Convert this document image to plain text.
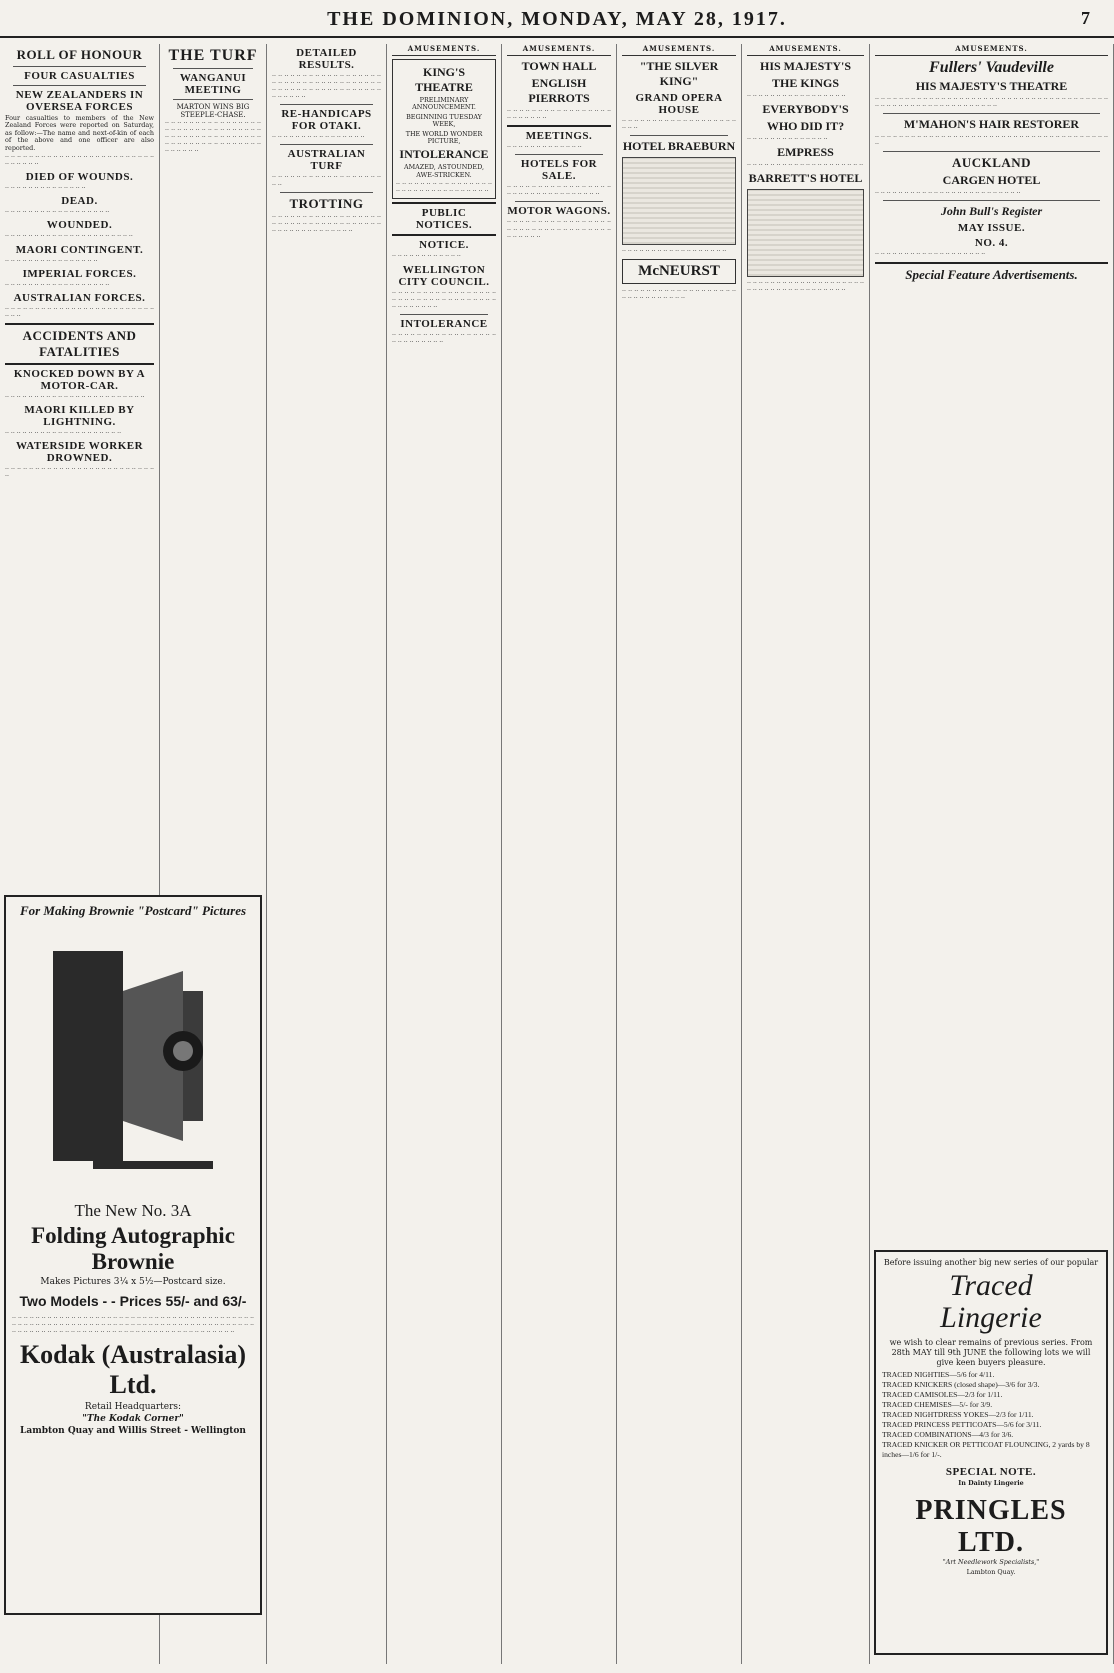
THE DOMINION, MONDAY, MAY 28, 1917.	7
ROLL OF HONOUR
FOUR CASUALTIES
NEW ZEALANDERS IN OVERSEA FORCES
Four casualties to members of the New Zealand Forces were reported on Saturday, as follow:—The name and next-of-kin of each of the above and one officer are also reported.
·· ·· ·· ·· ·· ·· ·· ·· ·· ·· ·· ·· ·· ·· ·· ·· ·· ·· ·· ·· ·· ·· ·· ·· ·· ·· ·· ·· ·· ·· ··
DIED OF WOUNDS.
·· ·· ·· ·· ·· ·· ·· ·· ·· ·· ·· ·· ·· ··
DEAD.
·· ·· ·· ·· ·· ·· ·· ·· ·· ·· ·· ·· ·· ·· ·· ·· ·· ··
WOUNDED.
·· ·· ·· ·· ·· ·· ·· ·· ·· ·· ·· ·· ·· ·· ·· ·· ·· ·· ·· ·· ·· ··
MAORI CONTINGENT.
·· ·· ·· ·· ·· ·· ·· ·· ·· ·· ·· ·· ·· ·· ·· ··
IMPERIAL FORCES.
·· ·· ·· ·· ·· ·· ·· ·· ·· ·· ·· ·· ·· ·· ·· ·· ·· ··
AUSTRALIAN FORCES.
·· ·· ·· ·· ·· ·· ·· ·· ·· ·· ·· ·· ·· ·· ·· ·· ·· ·· ·· ·· ·· ·· ·· ·· ·· ·· ·· ··
ACCIDENTS AND FATALITIES
KNOCKED DOWN BY A MOTOR-CAR.
·· ·· ·· ·· ·· ·· ·· ·· ·· ·· ·· ·· ·· ·· ·· ·· ·· ·· ·· ·· ·· ·· ·· ··
MAORI KILLED BY LIGHTNING.
·· ·· ·· ·· ·· ·· ·· ·· ·· ·· ·· ·· ·· ·· ·· ·· ·· ·· ·· ··
WATERSIDE WORKER DROWNED.
·· ·· ·· ·· ·· ·· ·· ·· ·· ·· ·· ·· ·· ·· ·· ·· ·· ·· ·· ·· ·· ·· ·· ·· ·· ··
THE TURF
WANGANUI MEETING
MARTON WINS BIG STEEPLE-CHASE.
·· ·· ·· ·· ·· ·· ·· ·· ·· ·· ·· ·· ·· ·· ·· ·· ·· ·· ·· ·· ·· ·· ·· ·· ·· ·· ·· ·· ·· ·· ·· ·· ·· ·· ·· ·· ·· ·· ·· ·· ·· ·· ·· ·· ·· ·· ·· ·· ·· ·· ·· ·· ·· ·· ·· ·· ·· ·· ·· ·· ·· ·· ·· ·· ·· ·· ·· ·· ·· ··
DETAILED RESULTS.
·· ·· ·· ·· ·· ·· ·· ·· ·· ·· ·· ·· ·· ·· ·· ·· ·· ·· ·· ·· ·· ·· ·· ·· ·· ·· ·· ·· ·· ·· ·· ·· ·· ·· ·· ·· ·· ·· ·· ·· ·· ·· ·· ·· ·· ·· ·· ·· ·· ·· ·· ·· ·· ·· ·· ·· ·· ·· ·· ··
RE-HANDICAPS FOR OTAKI.
·· ·· ·· ·· ·· ·· ·· ·· ·· ·· ·· ·· ·· ·· ·· ··
AUSTRALIAN TURF
·· ·· ·· ·· ·· ·· ·· ·· ·· ·· ·· ·· ·· ·· ·· ·· ·· ·· ·· ··
TROTTING
·· ·· ·· ·· ·· ·· ·· ·· ·· ·· ·· ·· ·· ·· ·· ·· ·· ·· ·· ·· ·· ·· ·· ·· ·· ·· ·· ·· ·· ·· ·· ·· ·· ·· ·· ·· ·· ·· ·· ·· ·· ·· ·· ·· ·· ·· ·· ·· ·· ··
AMUSEMENTS.
KING'S THEATRE
PRELIMINARY ANNOUNCEMENT.
BEGINNING TUESDAY WEEK,
THE WORLD WONDER PICTURE,
INTOLERANCE
AMAZED, ASTOUNDED, AWE-STRICKEN.
·· ·· ·· ·· ·· ·· ·· ·· ·· ·· ·· ·· ·· ·· ·· ·· ·· ·· ·· ·· ·· ·· ·· ·· ·· ·· ·· ·· ·· ·· ·· ··
PUBLIC NOTICES.
NOTICE.
·· ·· ·· ·· ·· ·· ·· ·· ·· ·· ·· ··
WELLINGTON CITY COUNCIL.
·· ·· ·· ·· ·· ·· ·· ·· ·· ·· ·· ·· ·· ·· ·· ·· ·· ·· ·· ·· ·· ·· ·· ·· ·· ·· ·· ·· ·· ·· ·· ·· ·· ·· ·· ·· ·· ·· ·· ·· ·· ··
INTOLERANCE
·· ·· ·· ·· ·· ·· ·· ·· ·· ·· ·· ·· ·· ·· ·· ·· ·· ·· ·· ·· ·· ·· ·· ·· ·· ··
AMUSEMENTS.
TOWN HALL
ENGLISH PIERROTS
·· ·· ·· ·· ·· ·· ·· ·· ·· ·· ·· ·· ·· ·· ·· ·· ·· ·· ·· ·· ·· ·· ·· ··
MEETINGS.
·· ·· ·· ·· ·· ·· ·· ·· ·· ·· ·· ·· ··
HOTELS FOR SALE.
·· ·· ·· ·· ·· ·· ·· ·· ·· ·· ·· ·· ·· ·· ·· ·· ·· ·· ·· ·· ·· ·· ·· ·· ·· ·· ·· ·· ·· ·· ·· ·· ··
MOTOR WAGONS.
·· ·· ·· ·· ·· ·· ·· ·· ·· ·· ·· ·· ·· ·· ·· ·· ·· ·· ·· ·· ·· ·· ·· ·· ·· ·· ·· ·· ·· ·· ·· ·· ·· ·· ·· ·· ·· ·· ·· ··
AMUSEMENTS.
"THE SILVER KING"
GRAND OPERA HOUSE
·· ·· ·· ·· ·· ·· ·· ·· ·· ·· ·· ·· ·· ·· ·· ·· ·· ·· ·· ·· ·· ··
HOTEL BRAEBURN
·· ·· ·· ·· ·· ·· ·· ·· ·· ·· ·· ·· ·· ·· ·· ·· ·· ··
McNEURST
·· ·· ·· ·· ·· ·· ·· ·· ·· ·· ·· ·· ·· ·· ·· ·· ·· ·· ·· ·· ·· ·· ·· ·· ·· ·· ·· ·· ·· ··
AMUSEMENTS.
HIS MAJESTY'S
THE KINGS
·· ·· ·· ·· ·· ·· ·· ·· ·· ·· ·· ·· ·· ·· ·· ·· ··
EVERYBODY'S
WHO DID IT?
·· ·· ·· ·· ·· ·· ·· ·· ·· ·· ·· ·· ·· ··
EMPRESS
·· ·· ·· ·· ·· ·· ·· ·· ·· ·· ·· ·· ·· ·· ·· ·· ·· ·· ·· ··
BARRETT'S HOTEL
·· ·· ·· ·· ·· ·· ·· ·· ·· ·· ·· ·· ·· ·· ·· ·· ·· ·· ·· ·· ·· ·· ·· ·· ·· ·· ·· ·· ·· ·· ·· ·· ·· ·· ·· ·· ··
AMUSEMENTS.
Fullers' Vaudeville
HIS MAJESTY'S THEATRE
·· ·· ·· ·· ·· ·· ·· ·· ·· ·· ·· ·· ·· ·· ·· ·· ·· ·· ·· ·· ·· ·· ·· ·· ·· ·· ·· ·· ·· ·· ·· ·· ·· ·· ·· ·· ·· ·· ·· ·· ·· ·· ·· ·· ·· ·· ·· ·· ·· ·· ·· ·· ·· ·· ·· ·· ·· ·· ·· ··
M'MAHON'S HAIR RESTORER
·· ·· ·· ·· ·· ·· ·· ·· ·· ·· ·· ·· ·· ·· ·· ·· ·· ·· ·· ·· ·· ·· ·· ·· ·· ·· ·· ·· ·· ·· ·· ·· ·· ·· ·· ·· ·· ·· ·· ··
AUCKLAND
CARGEN HOTEL
·· ·· ·· ·· ·· ·· ·· ·· ·· ·· ·· ·· ·· ·· ·· ·· ·· ·· ·· ·· ·· ·· ·· ·· ··
John Bull's Register
MAY ISSUE.
NO. 4.
·· ·· ·· ·· ·· ·· ·· ·· ·· ·· ·· ·· ·· ·· ·· ·· ·· ·· ··
Special Feature Advertisements.
For Making Brownie "Postcard" Pictures
The New No. 3A
Folding Autographic Brownie
Makes Pictures 3¼ x 5½—Postcard size.
Two Models - - Prices 55/- and 63/-
·· ·· ·· ·· ·· ·· ·· ·· ·· ·· ·· ·· ·· ·· ·· ·· ·· ·· ·· ·· ·· ·· ·· ·· ·· ·· ·· ·· ·· ·· ·· ·· ·· ·· ·· ·· ·· ·· ·· ·· ·· ·· ·· ·· ·· ·· ·· ·· ·· ·· ·· ·· ·· ·· ·· ·· ·· ·· ·· ·· ·· ·· ·· ·· ·· ·· ·· ·· ·· ·· ·· ·· ·· ·· ·· ·· ·· ·· ·· ·· ·· ·· ·· ·· ·· ·· ·· ·· ·· ·· ·· ·· ·· ·· ·· ·· ·· ·· ·· ·· ·· ·· ·· ·· ·· ·· ·· ·· ·· ·· ·· ·· ·· ·· ·· ·· ·· ·· ·· ··
Kodak (Australasia) Ltd.
Retail Headquarters:
"The Kodak Corner"
Lambton Quay and Willis Street - Wellington
Before issuing another big new series of our popular
Traced
Lingerie
we wish to clear remains of previous series. From 28th MAY till 9th JUNE the following lots we will give keen buyers pleasure.
TRACED NIGHTIES—5/6 for 4/11.
TRACED KNICKERS (closed shape)—3/6 for 3/3.
TRACED CAMISOLES—2/3 for 1/11.
TRACED CHEMISES—5/- for 3/9.
TRACED NIGHTDRESS YOKES—2/3 for 1/11.
TRACED PRINCESS PETTICOATS—5/6 for 3/11.
TRACED COMBINATIONS—4/3 for 3/6.
TRACED KNICKER OR PETTICOAT FLOUNCING, 2 yards by 8 inches—1/6 for 1/-.
SPECIAL NOTE.
In Dainty Lingerie
PRINGLES LTD.
"Art Needlework Specialists,"
Lambton Quay.
